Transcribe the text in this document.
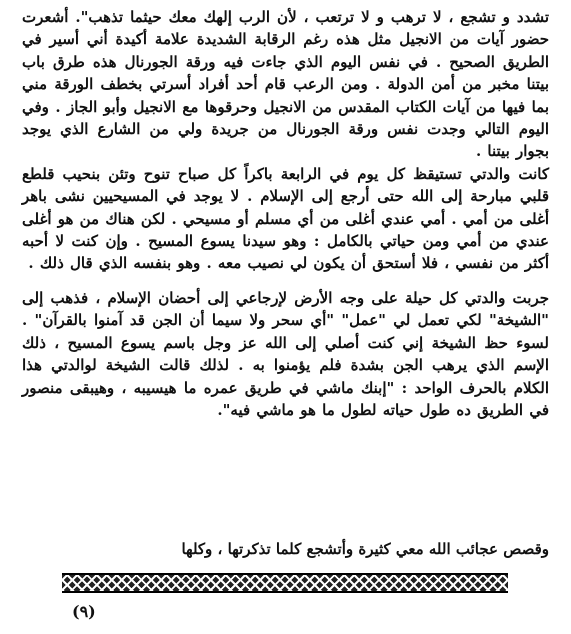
تشدد و تشجع ، لا ترهب و لا ترتعب ، لأن الرب إلهك معك حيثما تذهب". أشعرت حضور آيات من الانجيل مثل هذه رغم الرقابة الشديدة علامة أكيدة أني أسير في الطريق الصحيح . في نفس اليوم الذي جاءت فيه ورقة الجورنال هذه طرق باب بيتنا مخبر من أمن الدولة . ومن الرعب قام أحد أفراد أسرتي بخطف الورقة مني بما فيها من آيات الكتاب المقدس من الانجيل وحرقوها مع الانجيل وأبو الجاز . وفي اليوم التالي وجدت نفس ورقة الجورنال من جريدة ولي من الشارع الذي يوجد بجوار بيتنا .

كانت والدتي تستيقظ كل يوم في الرابعة باكراً كل صباح تنوح وتئن بنحيب قلطع قلبي مبارحة إلى الله حتى أرجع إلى الإسلام . لا يوجد في المسيحيين نشى باهر أغلى من أمي . أمي عندي أغلى من أي مسلم أو مسيحي . لكن هناك من هو أغلى عندي من أمي ومن حياتي بالكامل : وهو سيدنا يسوع المسيح . وإن كنت لا أحبه أكثر من نفسي ، فلا أستحق أن يكون لي نصيب معه . وهو بنفسه الذي قال ذلك .

جربت والدتي كل حيلة على وجه الأرض لإرجاعي إلى أحضان الإسلام ، فذهب إلى "الشيخة" لكي تعمل لي "عمل" "أي سحر ولا سيما أن الجن قد آمنوا بالقرآن" . لسوء حظ الشيخة إني كنت أصلي إلى الله عز وجل باسم يسوع المسيح ، ذلك الإسم الذي يرهب الجن بشدة فلم يؤمنوا به . لذلك قالت الشيخة لوالدتي هذا الكلام بالحرف الواحد : "إبنك ماشي في طريق عمره ما هيسيبه ، وهيبقى منصور في الطريق ده طول حياته لطول ما هو ماشي فيه".

وقصص عجائب الله معي كثيرة وأتشجع كلما تذكرتها ، وكلها
(٩)
